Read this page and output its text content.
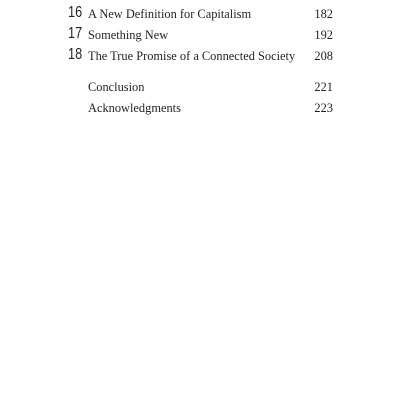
16 A New Definition for Capitalism	182
17 Something New	192
18 The True Promise of a Connected Society 208
Conclusion	221
Acknowledgments	223
